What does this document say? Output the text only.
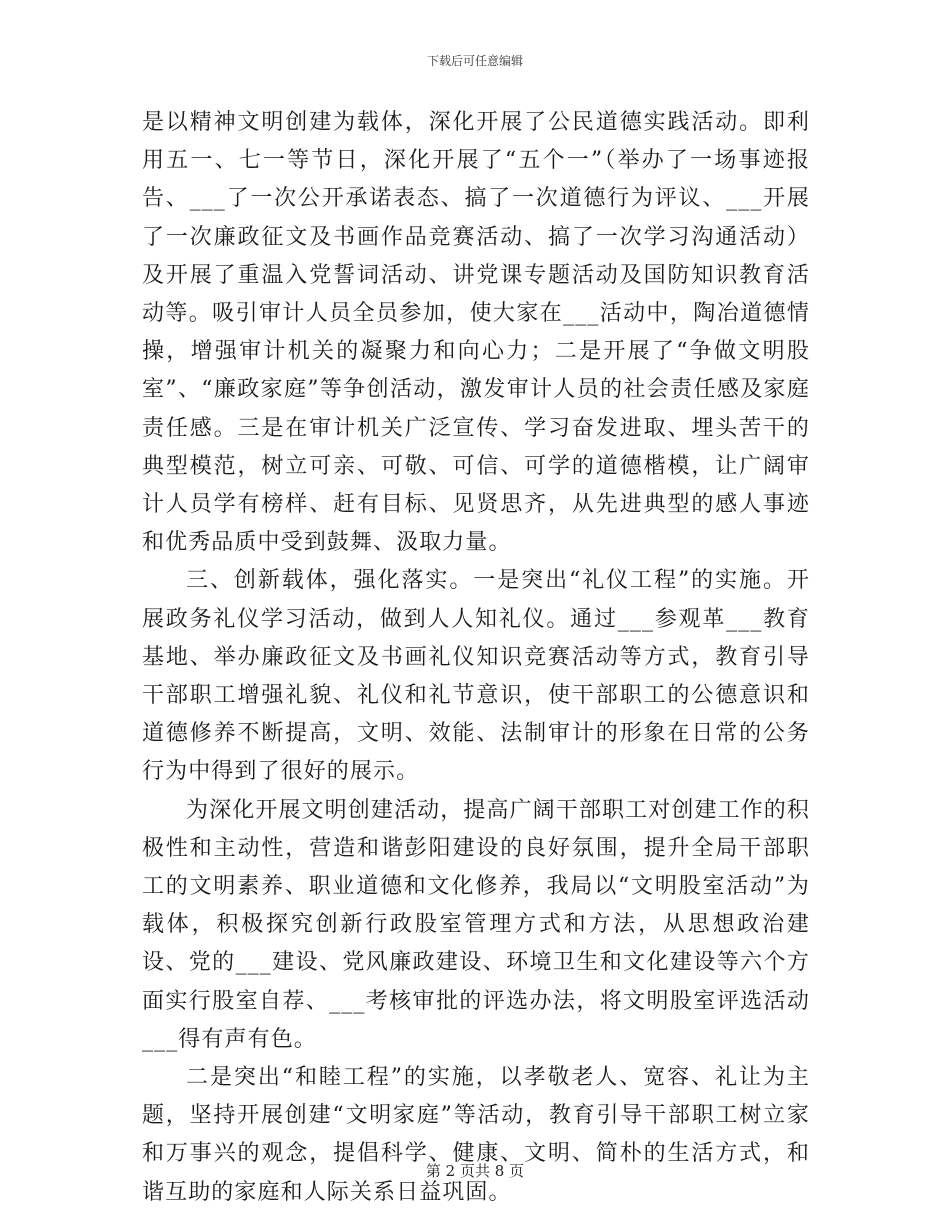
下载后可任意编辑

是以精神文明创建为载体，深化开展了公民道德实践活动。即利用五一、七一等节日，深化开展了“五个一”（举办了一场事迹报告、___了一次公开承诺表态、搞了一次道德行为评议、___开展了一次廉政征文及书画作品竞赛活动、搞了一次学习沟通活动）及开展了重温入党誓词活动、讲党课专题活动及国防知识教育活动等。吸引审计人员全员参加，使大家在___活动中，陶冶道德情操，增强审计机关的凝聚力和向心力；二是开展了“争做文明股室”、“廉政家庭”等争创活动，激发审计人员的社会责任感及家庭责任感。三是在审计机关广泛宣传、学习奋发进取、埋头苦干的典型模范，树立可亲、可敬、可信、可学的道德楷模，让广阔审计人员学有榜样、赶有目标、见贤思齐，从先进典型的感人事迹和优秀品质中受到鼓舞、汲取力量。

三、创新载体，强化落实。一是突出“礼仪工程”的实施。开展政务礼仪学习活动，做到人人知礼仪。通过___参观革___教育基地、举办廉政征文及书画礼仪知识竞赛活动等方式，教育引导干部职工增强礼貌、礼仪和礼节意识，使干部职工的公德意识和道德修养不断提高，文明、效能、法制审计的形象在日常的公务行为中得到了很好的展示。

为深化开展文明创建活动，提高广阔干部职工对创建工作的积极性和主动性，营造和谐彭阳建设的良好氛围，提升全局干部职工的文明素养、职业道德和文化修养，我局以“文明股室活动”为载体，积极探究创新行政股室管理方式和方法，从思想政治建设、党的___建设、党风廉政建设、环境卫生和文化建设等六个方面实行股室自荐、___考核审批的评选办法，将文明股室评选活动___得有声有色。

二是突出“和睦工程”的实施，以孝敬老人、宽容、礼让为主题，坚持开展创建“文明家庭”等活动，教育引导干部职工树立家和万事兴的观念，提倡科学、健康、文明、简朴的生活方式，和谐互助的家庭和人际关系日益巩固。

第 2 页共 8 页
